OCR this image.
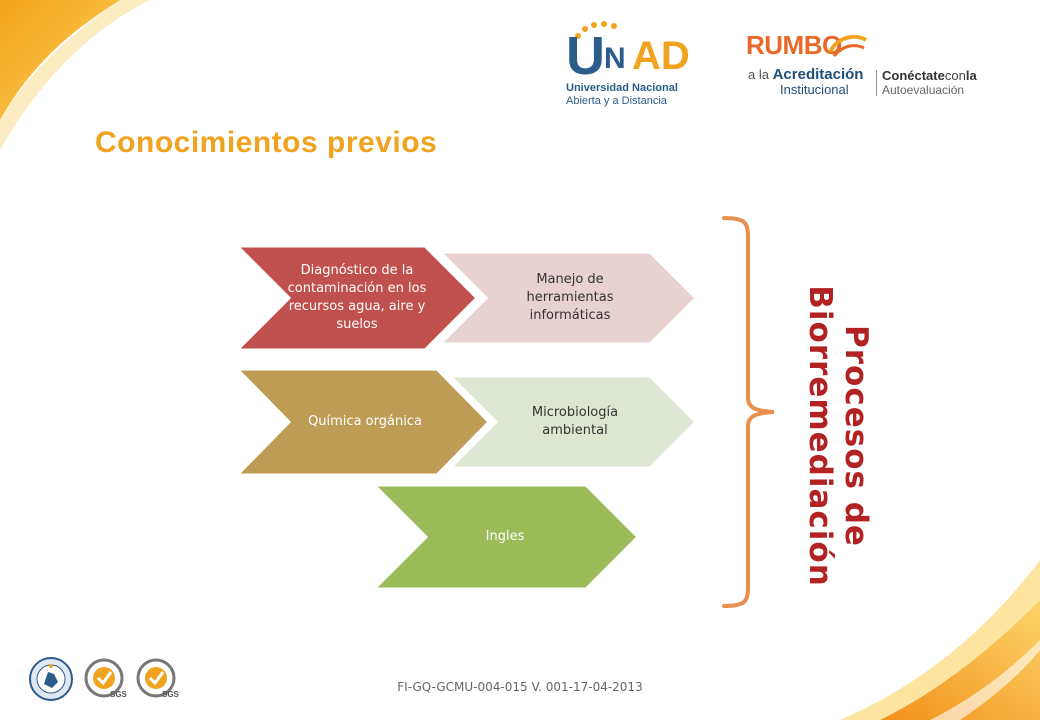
U N AD
Universidad Nacional
Abierta y a Distancia
RUMBO
a la Acreditación
Institucional
Conéctateconla
Autoevaluación
Conocimientos previos
Manejo de herramientas informáticas
Diagnóstico de la contaminación en los recursos agua, aire y suelos
Microbiología ambiental
Química orgánica
Ingles	Procesos de Biorremediación
SGS	SGS
FI-GQ-GCMU-004-015 V. 001-17-04-2013
